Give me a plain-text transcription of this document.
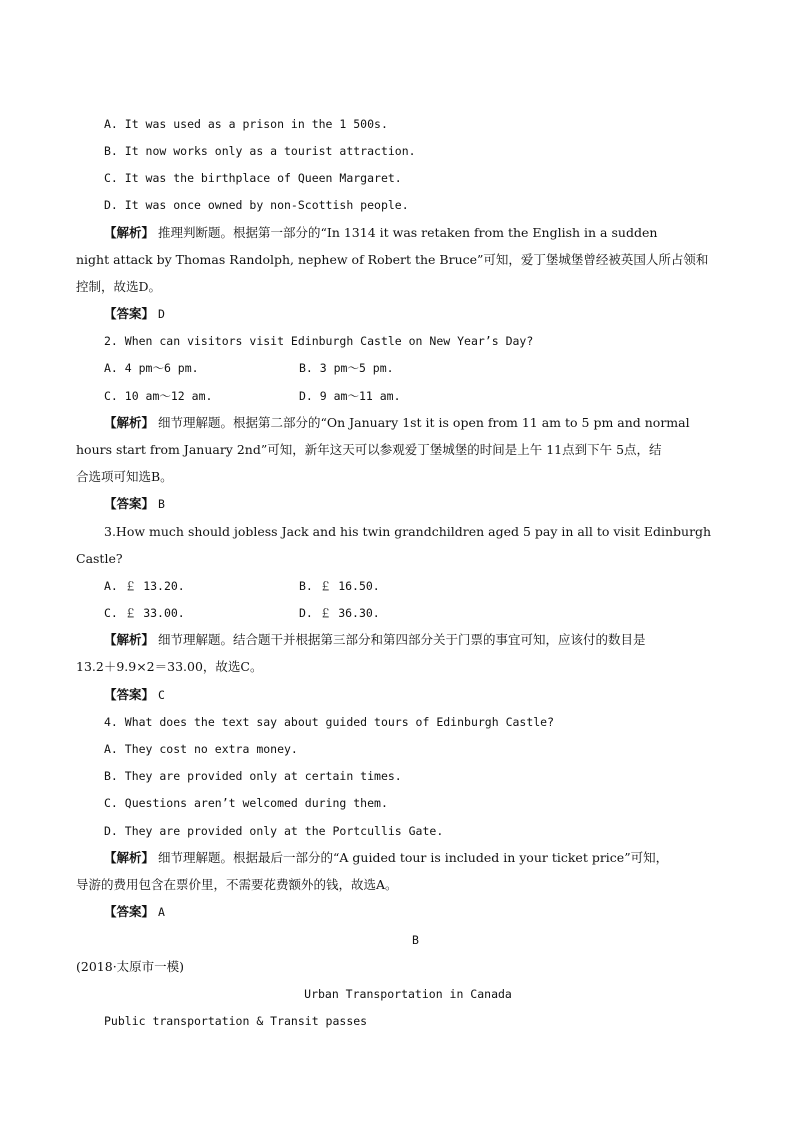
A. It was used as a prison in the 1 500s.
B. It now works only as a tourist attraction.
C. It was the birthplace of Queen Margaret.
D. It was once owned by non-Scottish people.
【解析】 推理判断题。根据第一部分的“In 1314 it was retaken from the English in a sudden
night attack by Thomas Randolph, nephew of Robert the Bruce”可知，爱丁堡城堡曾经被英国人所占领和
控制，故选D。
【答案】 D
2. When can visitors visit Edinburgh Castle on New Year’s Day?
A. 4 pm～6 pm.	B. 3 pm～5 pm.
C. 10 am～12 am.	D. 9 am～11 am.
【解析】 细节理解题。根据第二部分的“On January 1st it is open from 11 am to 5 pm and normal
hours start from January 2nd”可知，新年这天可以参观爱丁堡城堡的时间是上午 11点到下午 5点，结
合选项可知选B。
【答案】 B
3.How much should jobless Jack and his twin grandchildren aged 5 pay in all to visit Edinburgh
Castle?
A. ￡ 13.20.	B. ￡ 16.50.
C. ￡ 33.00.	D. ￡ 36.30.
【解析】 细节理解题。结合题干并根据第三部分和第四部分关于门票的事宜可知，应该付的数目是
13.2＋9.9×2＝33.00，故选C。
【答案】 C
4. What does the text say about guided tours of Edinburgh Castle?
A. They cost no extra money.
B. They are provided only at certain times.
C. Questions aren’t welcomed during them.
D. They are provided only at the Portcullis Gate.
【解析】 细节理解题。根据最后一部分的“A guided tour is included in your ticket price”可知，
导游的费用包含在票价里，不需要花费额外的钱，故选A。
【答案】 A
B
(2018·太原市一模)
Urban Transportation in Canada
Public transportation & Transit passes
